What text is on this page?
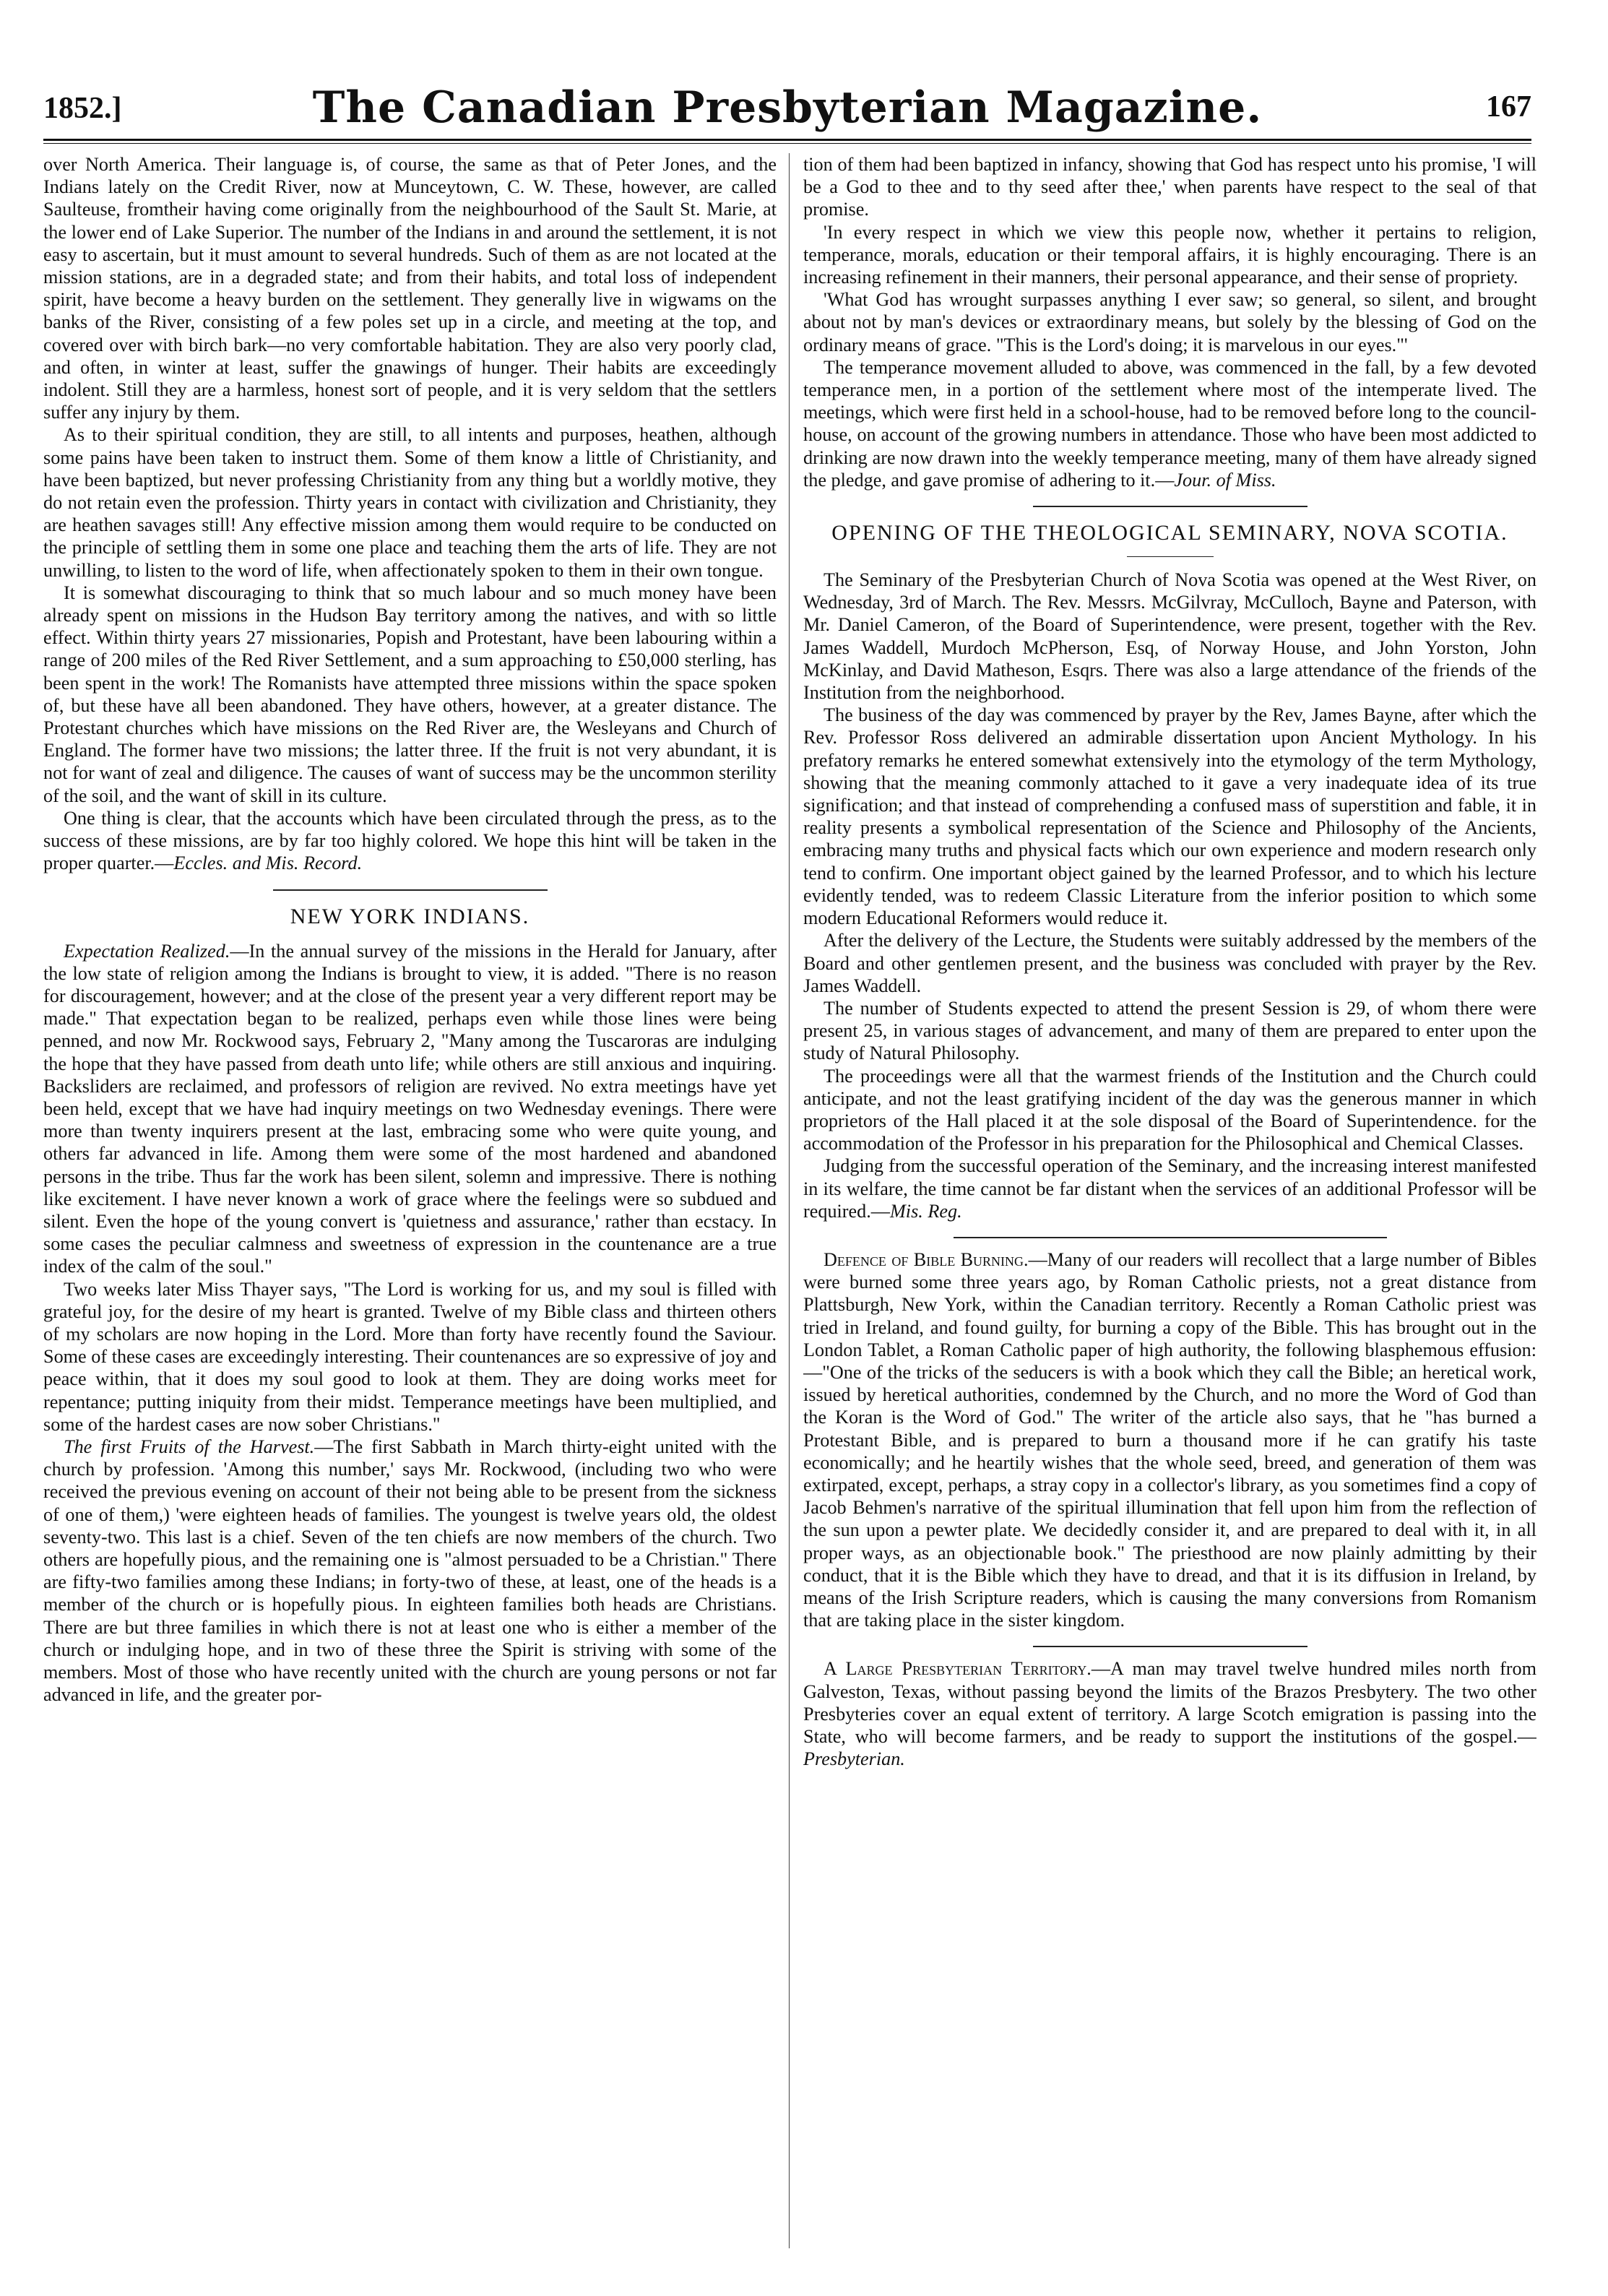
1852.]	The Canadian Presbyterian Magazine.	167

over North America. Their language is, of course, the same as that of Peter Jones, and the Indians lately on the Credit River, now at Munceytown, C. W. These, however, are called Saulteuse, fromtheir having come originally from the neighbourhood of the Sault St. Marie, at the lower end of Lake Superior. The number of the Indians in and around the settlement, it is not easy to ascertain, but it must amount to several hundreds. Such of them as are not located at the mission stations, are in a degraded state; and from their habits, and total loss of independent spirit, have become a heavy burden on the settlement. They generally live in wigwams on the banks of the River, consisting of a few poles set up in a circle, and meeting at the top, and covered over with birch bark—no very comfortable habitation. They are also very poorly clad, and often, in winter at least, suffer the gnawings of hunger. Their habits are exceedingly indolent. Still they are a harmless, honest sort of people, and it is very seldom that the settlers suffer any injury by them.

As to their spiritual condition, they are still, to all intents and purposes, heathen, although some pains have been taken to instruct them. Some of them know a little of Christianity, and have been baptized, but never professing Christianity from any thing but a worldly motive, they do not retain even the profession. Thirty years in contact with civilization and Christianity, they are heathen savages still! Any effective mission among them would require to be conducted on the principle of settling them in some one place and teaching them the arts of life. They are not unwilling, to listen to the word of life, when affectionately spoken to them in their own tongue.

It is somewhat discouraging to think that so much labour and so much money have been already spent on missions in the Hudson Bay territory among the natives, and with so little effect. Within thirty years 27 missionaries, Popish and Protestant, have been labouring within a range of 200 miles of the Red River Settlement, and a sum approaching to £50,000 sterling, has been spent in the work! The Romanists have attempted three missions within the space spoken of, but these have all been abandoned. They have others, however, at a greater distance. The Protestant churches which have missions on the Red River are, the Wesleyans and Church of England. The former have two missions; the latter three. If the fruit is not very abundant, it is not for want of zeal and diligence. The causes of want of success may be the uncommon sterility of the soil, and the want of skill in its culture.

One thing is clear, that the accounts which have been circulated through the press, as to the success of these missions, are by far too highly colored. We hope this hint will be taken in the proper quarter.—Eccles. and Mis. Record.

NEW YORK INDIANS.

Expectation Realized.—In the annual survey of the missions in the Herald for January, after the low state of religion among the Indians is brought to view, it is added. "There is no reason for discouragement, however; and at the close of the present year a very different report may be made." That expectation began to be realized, perhaps even while those lines were being penned, and now Mr. Rockwood says, February 2, "Many among the Tuscaroras are indulging the hope that they have passed from death unto life; while others are still anxious and inquiring. Backsliders are reclaimed, and professors of religion are revived. No extra meetings have yet been held, except that we have had inquiry meetings on two Wednesday evenings. There were more than twenty inquirers present at the last, embracing some who were quite young, and others far advanced in life. Among them were some of the most hardened and abandoned persons in the tribe. Thus far the work has been silent, solemn and impressive. There is nothing like excitement. I have never known a work of grace where the feelings were so subdued and silent. Even the hope of the young convert is 'quietness and assurance,' rather than ecstacy. In some cases the peculiar calmness and sweetness of expression in the countenance are a true index of the calm of the soul."

Two weeks later Miss Thayer says, "The Lord is working for us, and my soul is filled with grateful joy, for the desire of my heart is granted. Twelve of my Bible class and thirteen others of my scholars are now hoping in the Lord. More than forty have recently found the Saviour. Some of these cases are exceedingly interesting. Their countenances are so expressive of joy and peace within, that it does my soul good to look at them. They are doing works meet for repentance; putting iniquity from their midst. Temperance meetings have been multiplied, and some of the hardest cases are now sober Christians."

The first Fruits of the Harvest.—The first Sabbath in March thirty-eight united with the church by profession. 'Among this number,' says Mr. Rockwood, (including two who were received the previous evening on account of their not being able to be present from the sickness of one of them,) 'were eighteen heads of families. The youngest is twelve years old, the oldest seventy-two. This last is a chief. Seven of the ten chiefs are now members of the church. Two others are hopefully pious, and the remaining one is "almost persuaded to be a Christian." There are fifty-two families among these Indians; in forty-two of these, at least, one of the heads is a member of the church or is hopefully pious. In eighteen families both heads are Christians. There are but three families in which there is not at least one who is either a member of the church or indulging hope, and in two of these three the Spirit is striving with some of the members. Most of those who have recently united with the church are young persons or not far advanced in life, and the greater por-

tion of them had been baptized in infancy, showing that God has respect unto his promise, 'I will be a God to thee and to thy seed after thee,' when parents have respect to the seal of that promise.

'In every respect in which we view this people now, whether it pertains to religion, temperance, morals, education or their temporal affairs, it is highly encouraging. There is an increasing refinement in their manners, their personal appearance, and their sense of propriety.

'What God has wrought surpasses anything I ever saw; so general, so silent, and brought about not by man's devices or extraordinary means, but solely by the blessing of God on the ordinary means of grace. "This is the Lord's doing; it is marvelous in our eyes."'

The temperance movement alluded to above, was commenced in the fall, by a few devoted temperance men, in a portion of the settlement where most of the intemperate lived. The meetings, which were first held in a school-house, had to be removed before long to the council-house, on account of the growing numbers in attendance. Those who have been most addicted to drinking are now drawn into the weekly temperance meeting, many of them have already signed the pledge, and gave promise of adhering to it.—Jour. of Miss.

OPENING OF THE THEOLOGICAL SEMINARY, NOVA SCOTIA.

The Seminary of the Presbyterian Church of Nova Scotia was opened at the West River, on Wednesday, 3rd of March. The Rev. Messrs. McGilvray, McCulloch, Bayne and Paterson, with Mr. Daniel Cameron, of the Board of Superintendence, were present, together with the Rev. James Waddell, Murdoch McPherson, Esq, of Norway House, and John Yorston, John McKinlay, and David Matheson, Esqrs. There was also a large attendance of the friends of the Institution from the neighborhood.

The business of the day was commenced by prayer by the Rev, James Bayne, after which the Rev. Professor Ross delivered an admirable dissertation upon Ancient Mythology. In his prefatory remarks he entered somewhat extensively into the etymology of the term Mythology, showing that the meaning commonly attached to it gave a very inadequate idea of its true signification; and that instead of comprehending a confused mass of superstition and fable, it in reality presents a symbolical representation of the Science and Philosophy of the Ancients, embracing many truths and physical facts which our own experience and modern research only tend to confirm. One important object gained by the learned Professor, and to which his lecture evidently tended, was to redeem Classic Literature from the inferior position to which some modern Educational Reformers would reduce it.

After the delivery of the Lecture, the Students were suitably addressed by the members of the Board and other gentlemen present, and the business was concluded with prayer by the Rev. James Waddell.

The number of Students expected to attend the present Session is 29, of whom there were present 25, in various stages of advancement, and many of them are prepared to enter upon the study of Natural Philosophy.

The proceedings were all that the warmest friends of the Institution and the Church could anticipate, and not the least gratifying incident of the day was the generous manner in which proprietors of the Hall placed it at the sole disposal of the Board of Superintendence. for the accommodation of the Professor in his preparation for the Philosophical and Chemical Classes.

Judging from the successful operation of the Seminary, and the increasing interest manifested in its welfare, the time cannot be far distant when the services of an additional Professor will be required.—Mis. Reg.

Defence of Bible Burning.—Many of our readers will recollect that a large number of Bibles were burned some three years ago, by Roman Catholic priests, not a great distance from Plattsburgh, New York, within the Canadian territory. Recently a Roman Catholic priest was tried in Ireland, and found guilty, for burning a copy of the Bible. This has brought out in the London Tablet, a Roman Catholic paper of high authority, the following blasphemous effusion:—"One of the tricks of the seducers is with a book which they call the Bible; an heretical work, issued by heretical authorities, condemned by the Church, and no more the Word of God than the Koran is the Word of God." The writer of the article also says, that he "has burned a Protestant Bible, and is prepared to burn a thousand more if he can gratify his taste economically; and he heartily wishes that the whole seed, breed, and generation of them was extirpated, except, perhaps, a stray copy in a collector's library, as you sometimes find a copy of Jacob Behmen's narrative of the spiritual illumination that fell upon him from the reflection of the sun upon a pewter plate. We decidedly consider it, and are prepared to deal with it, in all proper ways, as an objectionable book." The priesthood are now plainly admitting by their conduct, that it is the Bible which they have to dread, and that it is its diffusion in Ireland, by means of the Irish Scripture readers, which is causing the many conversions from Romanism that are taking place in the sister kingdom.

A Large Presbyterian Territory.—A man may travel twelve hundred miles north from Galveston, Texas, without passing beyond the limits of the Brazos Presbytery. The two other Presbyteries cover an equal extent of territory. A large Scotch emigration is passing into the State, who will become farmers, and be ready to support the institutions of the gospel.—Presbyterian.
